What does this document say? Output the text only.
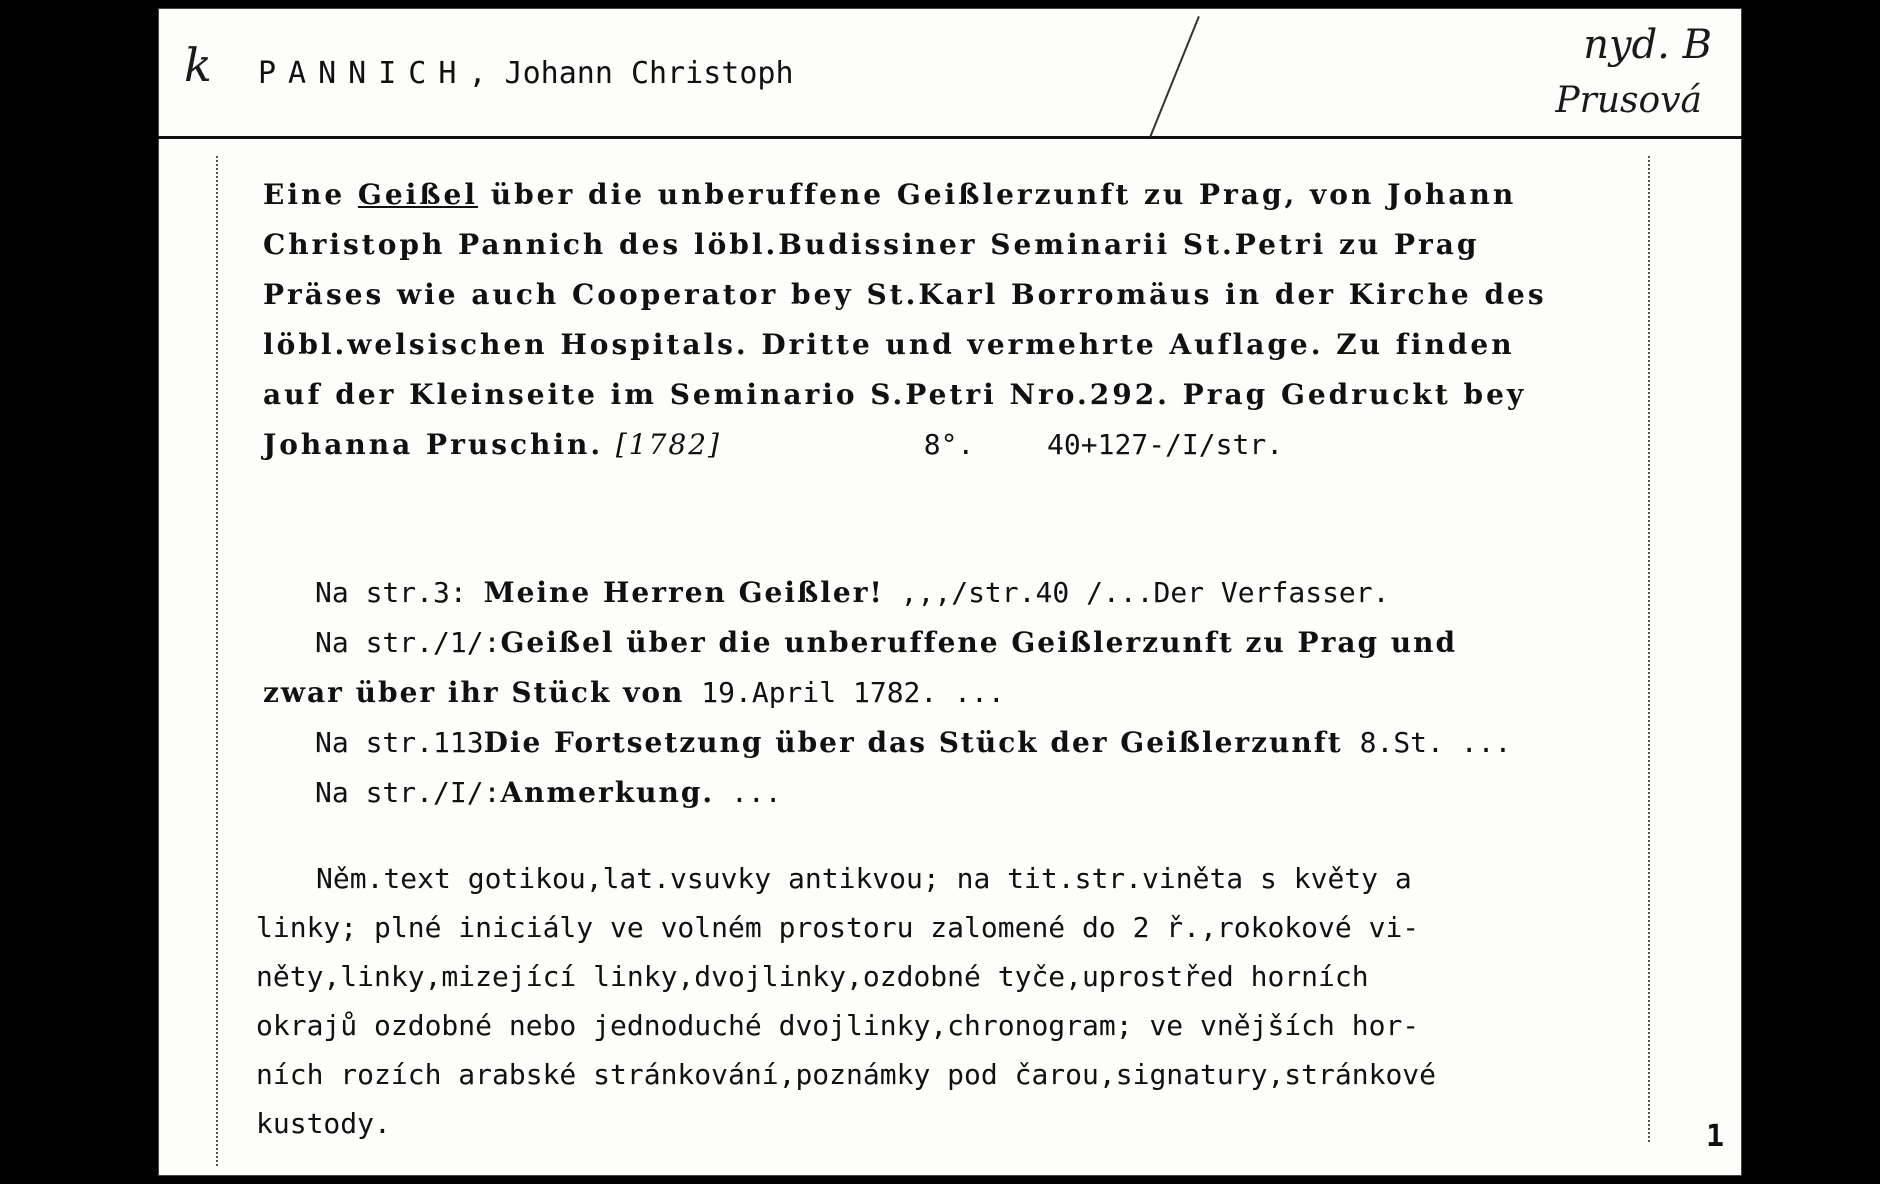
k PANNICH, Johann Christoph
nyd. B
Prusová
Eine Geißel über die unberuffene Geißlerzunft zu Prag, von Johann
Christoph Pannich des löbl.Budissiner Seminarii St.Petri zu Prag
Präses wie auch Cooperator bey St.Karl Borromäus in der Kirche des
löbl.welsischen Hospitals. Dritte und vermehrte Auflage. Zu finden
auf der Kleinseite im Seminario S.Petri Nro.292. Prag Gedruckt bey
Johanna Pruschin. [1782]	8°.	40+127-/I/str.
Na str.3: Meine Herren Geißler! ,,,/str.40 /...Der Verfasser.
Na str./1/:Geißel über die unberuffene Geißlerzunft zu Prag und
zwar über ihr Stück von 19.April 1782. ...
Na str.113Die Fortsetzung über das Stück der Geißlerzunft 8.St. ...
Na str./I/:Anmerkung. ...
Něm.text gotikou,lat.vsuvky antikvou; na tit.str.viněta s květy a
linky; plné iniciály ve volném prostoru zalomené do 2 ř.,rokokové vi-
něty,linky,mizející linky,dvojlinky,ozdobné tyče,uprostřed horních
okrajů ozdobné nebo jednoduché dvojlinky,chronogram; ve vnějších hor-
ních rozích arabské stránkování,poznámky pod čarou,signatury,stránkové
kustody.	1
